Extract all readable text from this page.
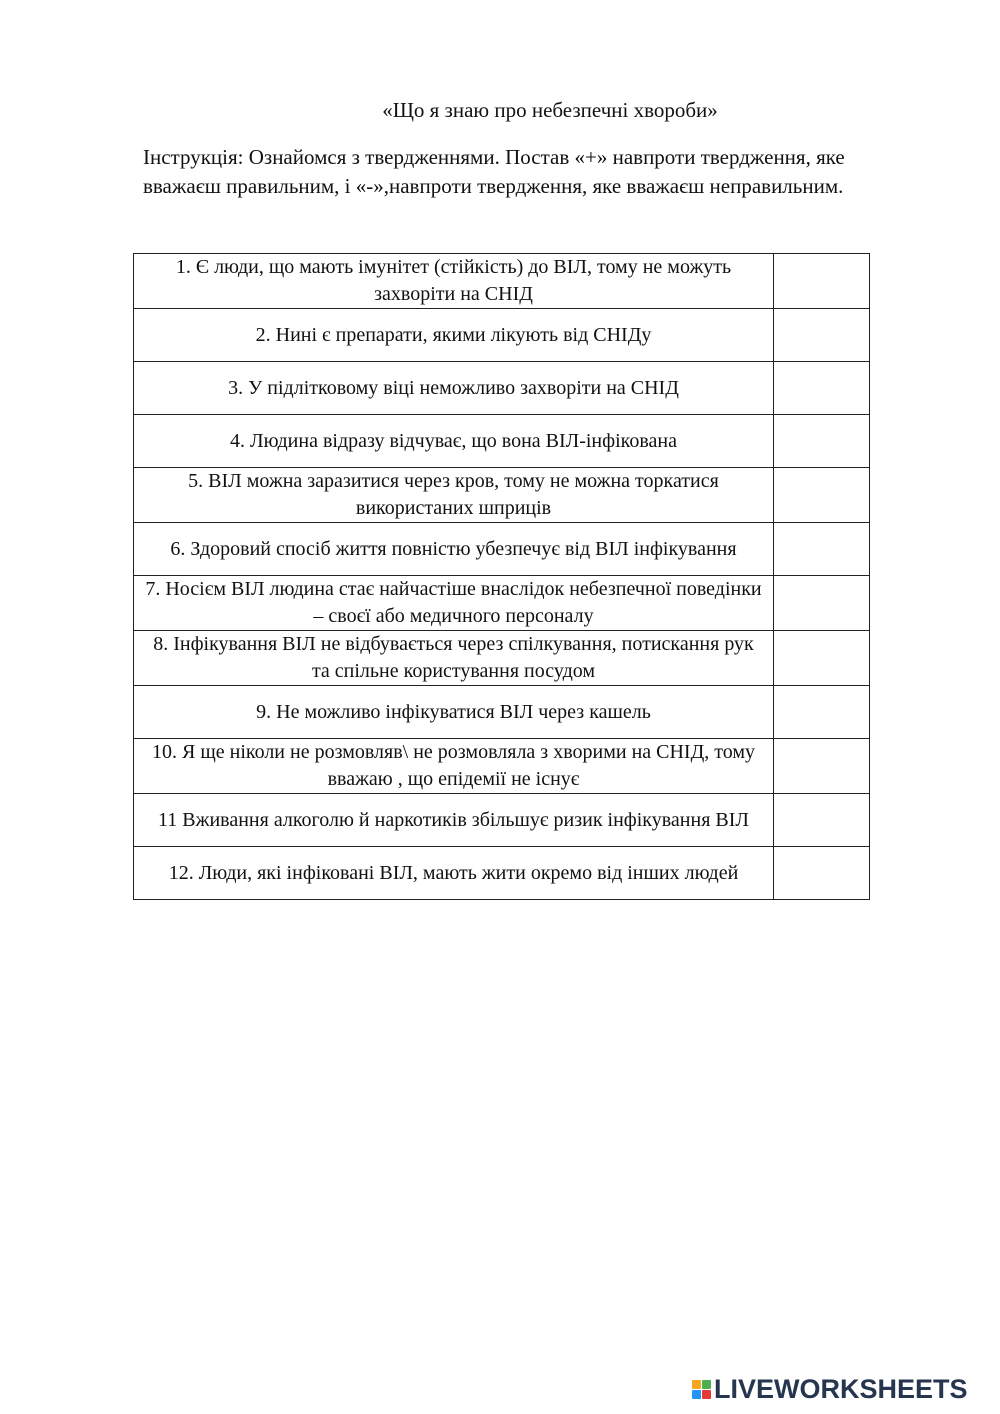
«Що я знаю про небезпечні хвороби»
Інструкція: Ознайомся з твердженнями. Постав «+» навпроти твердження, яке вважаєш правильним, і «-»,навпроти твердження, яке вважаєш неправильним.
1. Є люди, що мають імунітет (стійкість) до ВІЛ, тому не можуть захворіти на СНІД	

2. Нині є препарати, якими лікують від СНІДу	

3. У підлітковому віці неможливо захворіти на СНІД	

4. Людина відразу відчуває, що вона ВІЛ-інфікована	

5. ВІЛ можна заразитися через кров, тому не можна торкатися використаних шприців	

6. Здоровий спосіб життя повністю убезпечує від ВІЛ інфікування	

7. Носієм ВІЛ людина стає найчастіше внаслідок небезпечної поведінки – своєї або медичного персоналу	

8. Інфікування ВІЛ не відбувається через спілкування, потискання рук та спільне користування посудом	

9. Не можливо інфікуватися ВІЛ через кашель	

10. Я ще ніколи не розмовляв\ не розмовляла з хворими на СНІД, тому вважаю , що епідемії не існує	

11 Вживання алкоголю й наркотиків збільшує ризик інфікування ВІЛ	

12. Люди, які інфіковані ВІЛ, мають жити окремо від інших людей	
LIVEWORKSHEETS
